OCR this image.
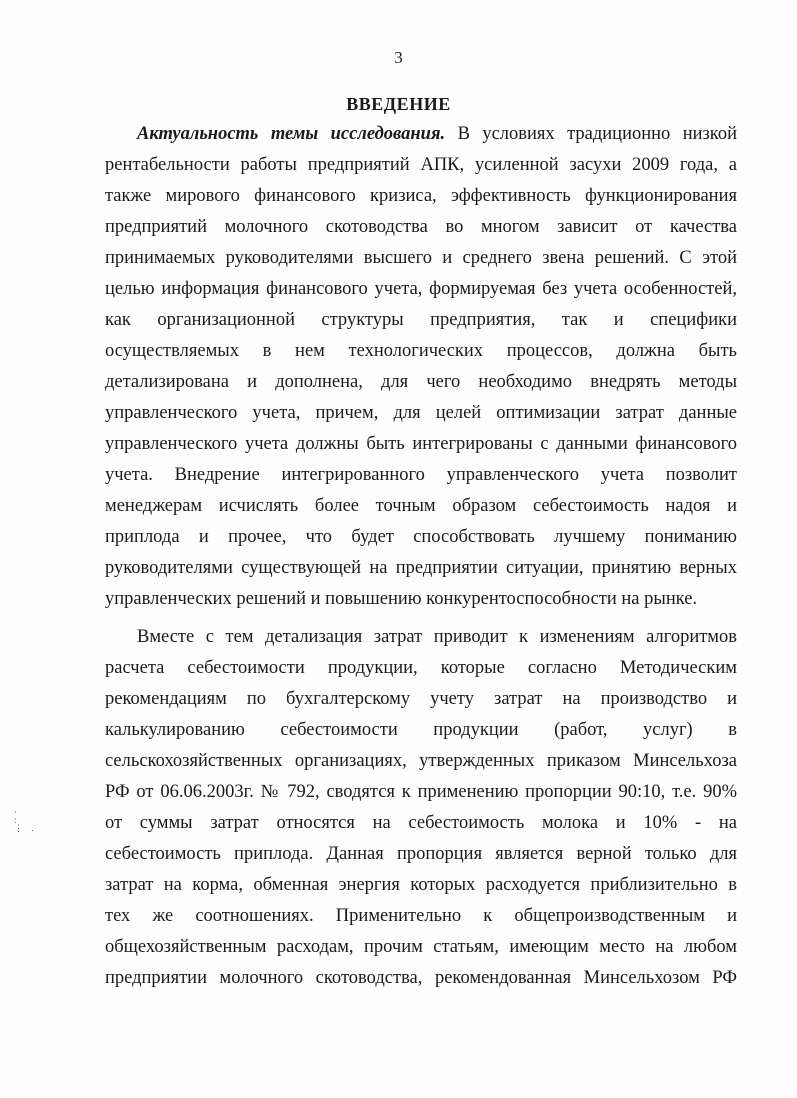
3
ВВЕДЕНИЕ
Актуальность темы исследования. В условиях традиционно низкой
рентабельности работы предприятий АПК, усиленной засухи 2009 года, а
также мирового финансового кризиса, эффективность функционирования
предприятий молочного скотоводства во многом зависит от качества
принимаемых руководителями высшего и среднего звена решений. С этой
целью информация финансового учета, формируемая без учета особенностей,
как организационной структуры предприятия, так и специфики
осуществляемых в нем технологических процессов, должна быть
детализирована и дополнена, для чего необходимо внедрять методы
управленческого учета, причем, для целей оптимизации затрат данные
управленческого учета должны быть интегрированы с данными финансового
учета. Внедрение интегрированного управленческого учета позволит
менеджерам исчислять более точным образом себестоимость надоя и
приплода и прочее, что будет способствовать лучшему пониманию
руководителями существующей на предприятии ситуации, принятию верных
управленческих решений и повышению конкурентоспособности на рынке.
Вместе с тем детализация затрат приводит к изменениям алгоритмов
расчета себестоимости продукции, которые согласно Методическим
рекомендациям по бухгалтерскому учету затрат на производство и
калькулированию себестоимости продукции (работ, услуг) в
сельскохозяйственных организациях, утвержденных приказом Минсельхоза
РФ от 06.06.2003г. № 792, сводятся к применению пропорции 90:10, т.е. 90%
от суммы затрат относятся на себестоимость молока и 10% - на
себестоимость приплода. Данная пропорция является верной только для
затрат на корма, обменная энергия которых расходуется приблизительно в
тех же соотношениях. Применительно к общепроизводственным и
общехозяйственным расходам, прочим статьям, имеющим место на любом
предприятии молочного скотоводства, рекомендованная Минсельхозом РФ
·
:
⋮ .
